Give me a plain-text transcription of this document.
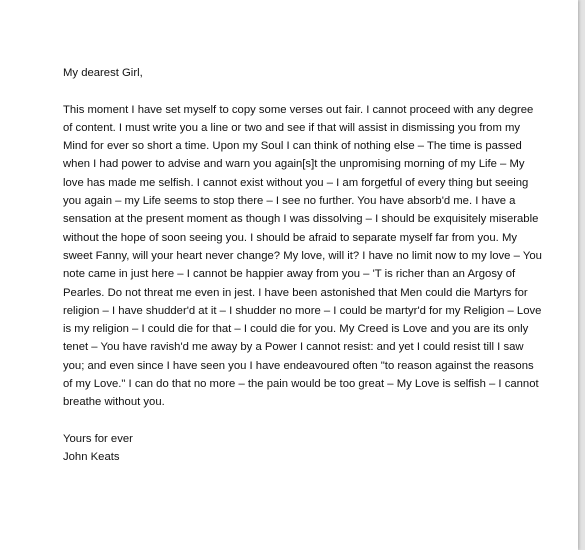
My dearest Girl,

This moment I have set myself to copy some verses out fair. I cannot proceed with any degree
of content. I must write you a line or two and see if that will assist in dismissing you from my
Mind for ever so short a time. Upon my Soul I can think of nothing else – The time is passed
when I had power to advise and warn you again[s]t the unpromising morning of my Life – My
love has made me selfish. I cannot exist without you – I am forgetful of every thing but seeing
you again – my Life seems to stop there – I see no further. You have absorb'd me. I have a
sensation at the present moment as though I was dissolving – I should be exquisitely miserable
without the hope of soon seeing you. I should be afraid to separate myself far from you. My
sweet Fanny, will your heart never change? My love, will it? I have no limit now to my love – You
note came in just here – I cannot be happier away from you – 'T is richer than an Argosy of
Pearles. Do not threat me even in jest. I have been astonished that Men could die Martyrs for
religion – I have shudder'd at it – I shudder no more – I could be martyr'd for my Religion – Love
is my religion – I could die for that – I could die for you. My Creed is Love and you are its only
tenet – You have ravish'd me away by a Power I cannot resist: and yet I could resist till I saw
you; and even since I have seen you I have endeavoured often "to reason against the reasons
of my Love." I can do that no more – the pain would be too great – My Love is selfish – I cannot
breathe without you.

Yours for ever

John Keats
